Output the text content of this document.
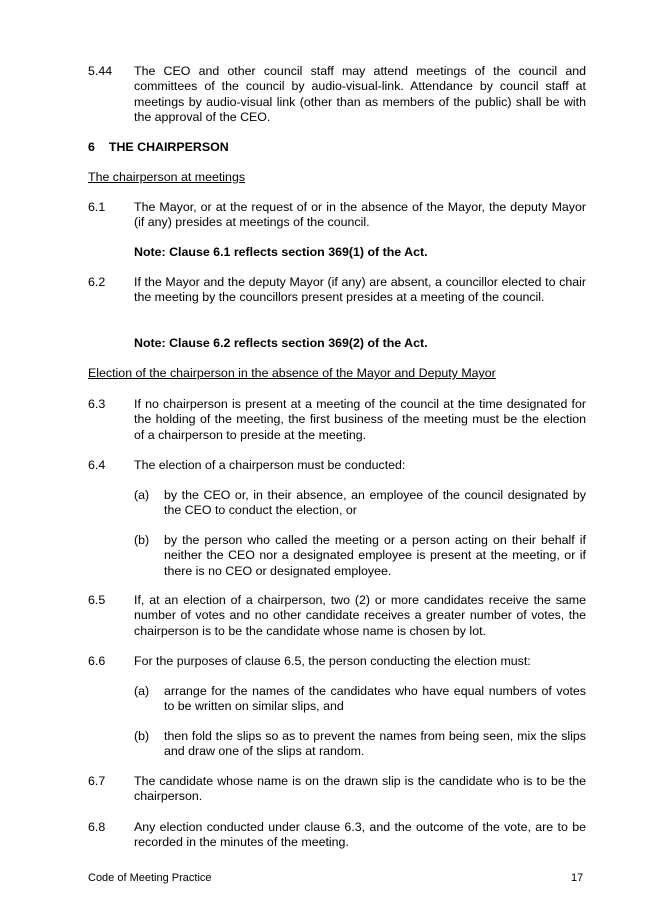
5.44	The CEO and other council staff may attend meetings of the council and committees of the council by audio-visual-link. Attendance by council staff at meetings by audio-visual link (other than as members of the public) shall be with the approval of the CEO.
6 THE CHAIRPERSON
The chairperson at meetings
6.1	The Mayor, or at the request of or in the absence of the Mayor, the deputy Mayor (if any) presides at meetings of the council.
Note: Clause 6.1 reflects section 369(1) of the Act.
6.2	If the Mayor and the deputy Mayor (if any) are absent, a councillor elected to chair the meeting by the councillors present presides at a meeting of the council.
Note: Clause 6.2 reflects section 369(2) of the Act.
Election of the chairperson in the absence of the Mayor and Deputy Mayor
6.3	If no chairperson is present at a meeting of the council at the time designated for the holding of the meeting, the first business of the meeting must be the election of a chairperson to preside at the meeting.
6.4	The election of a chairperson must be conducted:
(a)	by the CEO or, in their absence, an employee of the council designated by the CEO to conduct the election, or
(b)	by the person who called the meeting or a person acting on their behalf if neither the CEO nor a designated employee is present at the meeting, or if there is no CEO or designated employee.
6.5	If, at an election of a chairperson, two (2) or more candidates receive the same number of votes and no other candidate receives a greater number of votes, the chairperson is to be the candidate whose name is chosen by lot.
6.6	For the purposes of clause 6.5, the person conducting the election must:
(a)	arrange for the names of the candidates who have equal numbers of votes to be written on similar slips, and
(b)	then fold the slips so as to prevent the names from being seen, mix the slips and draw one of the slips at random.
6.7	The candidate whose name is on the drawn slip is the candidate who is to be the chairperson.
6.8	Any election conducted under clause 6.3, and the outcome of the vote, are to be recorded in the minutes of the meeting.
Code of Meeting Practice	17
